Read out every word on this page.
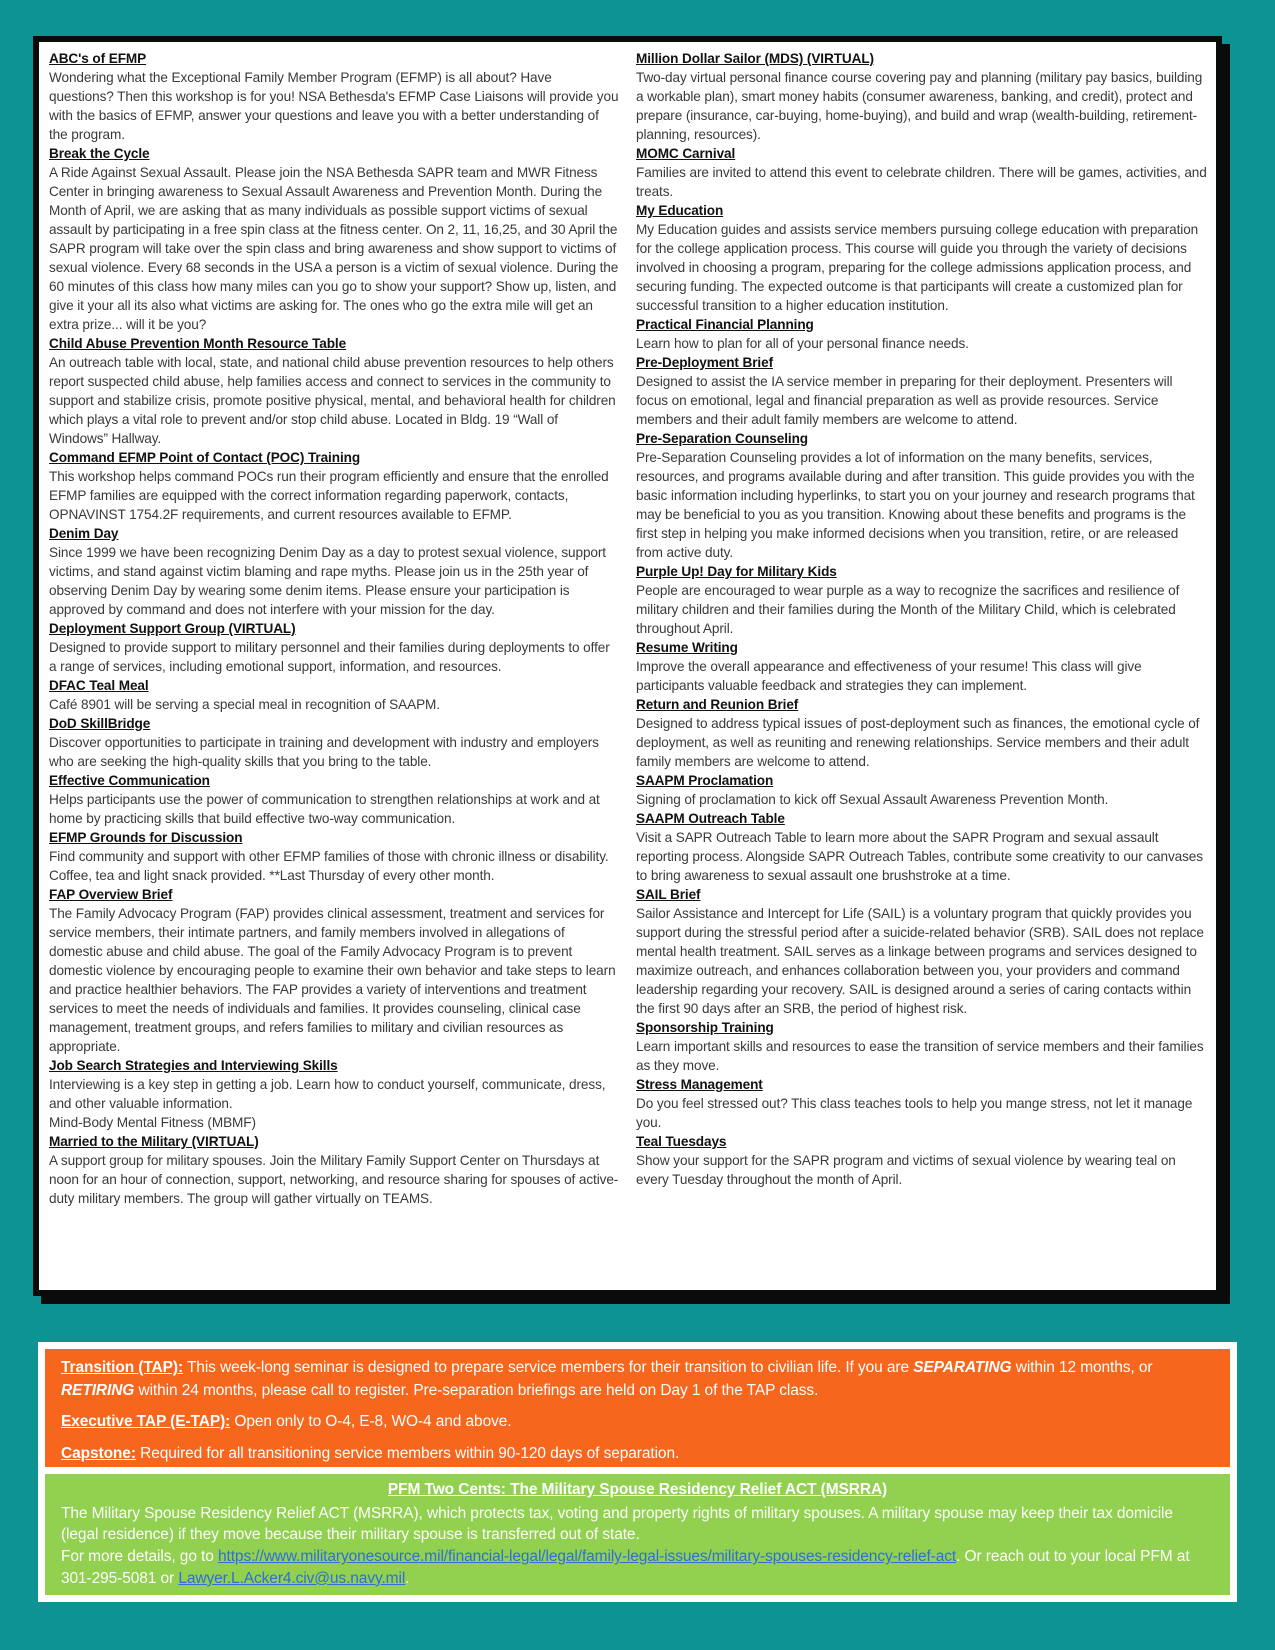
ABC's of EFMP
Wondering what the Exceptional Family Member Program (EFMP) is all about? Have questions? Then this workshop is for you! NSA Bethesda's EFMP Case Liaisons will provide you with the basics of EFMP, answer your questions and leave you with a better understanding of the program.
Break the Cycle
A Ride Against Sexual Assault. Please join the NSA Bethesda SAPR team and MWR Fitness Center in bringing awareness to Sexual Assault Awareness and Prevention Month. During the Month of April, we are asking that as many individuals as possible support victims of sexual assault by participating in a free spin class at the fitness center. On 2, 11, 16,25, and 30 April the SAPR program will take over the spin class and bring awareness and show support to victims of sexual violence. Every 68 seconds in the USA a person is a victim of sexual violence. During the 60 minutes of this class how many miles can you go to show your support? Show up, listen, and give it your all its also what victims are asking for. The ones who go the extra mile will get an extra prize... will it be you?
Child Abuse Prevention Month Resource Table
An outreach table with local, state, and national child abuse prevention resources to help others report suspected child abuse, help families access and connect to services in the community to support and stabilize crisis, promote positive physical, mental, and behavioral health for children which plays a vital role to prevent and/or stop child abuse. Located in Bldg. 19 “Wall of Windows” Hallway.
Command EFMP Point of Contact (POC) Training
This workshop helps command POCs run their program efficiently and ensure that the enrolled EFMP families are equipped with the correct information regarding paperwork, contacts, OPNAVINST 1754.2F requirements, and current resources available to EFMP.
Denim Day
Since 1999 we have been recognizing Denim Day as a day to protest sexual violence, support victims, and stand against victim blaming and rape myths. Please join us in the 25th year of observing Denim Day by wearing some denim items. Please ensure your participation is approved by command and does not interfere with your mission for the day.
Deployment Support Group (VIRTUAL)
Designed to provide support to military personnel and their families during deployments to offer a range of services, including emotional support, information, and resources.
DFAC Teal Meal
Café 8901 will be serving a special meal in recognition of SAAPM.
DoD SkillBridge
Discover opportunities to participate in training and development with industry and employers who are seeking the high-quality skills that you bring to the table.
Effective Communication
Helps participants use the power of communication to strengthen relationships at work and at home by practicing skills that build effective two-way communication.
EFMP Grounds for Discussion
Find community and support with other EFMP families of those with chronic illness or disability. Coffee, tea and light snack provided. **Last Thursday of every other month.
FAP Overview Brief
The Family Advocacy Program (FAP) provides clinical assessment, treatment and services for service members, their intimate partners, and family members involved in allegations of domestic abuse and child abuse. The goal of the Family Advocacy Program is to prevent domestic violence by encouraging people to examine their own behavior and take steps to learn and practice healthier behaviors. The FAP provides a variety of interventions and treatment services to meet the needs of individuals and families. It provides counseling, clinical case management, treatment groups, and refers families to military and civilian resources as appropriate.
Job Search Strategies and Interviewing Skills
Interviewing is a key step in getting a job. Learn how to conduct yourself, communicate, dress, and other valuable information.
Mind-Body Mental Fitness (MBMF)
Married to the Military (VIRTUAL)
A support group for military spouses. Join the Military Family Support Center on Thursdays at noon for an hour of connection, support, networking, and resource sharing for spouses of active-duty military members. The group will gather virtually on TEAMS.
Million Dollar Sailor (MDS) (VIRTUAL)
Two-day virtual personal finance course covering pay and planning (military pay basics, building a workable plan), smart money habits (consumer awareness, banking, and credit), protect and prepare (insurance, car-buying, home-buying), and build and wrap (wealth-building, retirement-planning, resources).
MOMC Carnival
Families are invited to attend this event to celebrate children. There will be games, activities, and treats.
My Education
My Education guides and assists service members pursuing college education with preparation for the college application process. This course will guide you through the variety of decisions involved in choosing a program, preparing for the college admissions application process, and securing funding. The expected outcome is that participants will create a customized plan for successful transition to a higher education institution.
Practical Financial Planning
Learn how to plan for all of your personal finance needs.
Pre-Deployment Brief
Designed to assist the IA service member in preparing for their deployment. Presenters will focus on emotional, legal and financial preparation as well as provide resources. Service members and their adult family members are welcome to attend.
Pre-Separation Counseling
Pre-Separation Counseling provides a lot of information on the many benefits, services, resources, and programs available during and after transition. This guide provides you with the basic information including hyperlinks, to start you on your journey and research programs that may be beneficial to you as you transition. Knowing about these benefits and programs is the first step in helping you make informed decisions when you transition, retire, or are released from active duty.
Purple Up! Day for Military Kids
People are encouraged to wear purple as a way to recognize the sacrifices and resilience of military children and their families during the Month of the Military Child, which is celebrated throughout April.
Resume Writing
Improve the overall appearance and effectiveness of your resume! This class will give participants valuable feedback and strategies they can implement.
Return and Reunion Brief
Designed to address typical issues of post-deployment such as finances, the emotional cycle of deployment, as well as reuniting and renewing relationships. Service members and their adult family members are welcome to attend.
SAAPM Proclamation
Signing of proclamation to kick off Sexual Assault Awareness Prevention Month.
SAAPM Outreach Table
Visit a SAPR Outreach Table to learn more about the SAPR Program and sexual assault reporting process. Alongside SAPR Outreach Tables, contribute some creativity to our canvases to bring awareness to sexual assault one brushstroke at a time.
SAIL Brief
Sailor Assistance and Intercept for Life (SAIL) is a voluntary program that quickly provides you support during the stressful period after a suicide-related behavior (SRB). SAIL does not replace mental health treatment. SAIL serves as a linkage between programs and services designed to maximize outreach, and enhances collaboration between you, your providers and command leadership regarding your recovery. SAIL is designed around a series of caring contacts within the first 90 days after an SRB, the period of highest risk.
Sponsorship Training
Learn important skills and resources to ease the transition of service members and their families as they move.
Stress Management
Do you feel stressed out? This class teaches tools to help you mange stress, not let it manage you.
Teal Tuesdays
Show your support for the SAPR program and victims of sexual violence by wearing teal on every Tuesday throughout the month of April.
Transition (TAP): This week-long seminar is designed to prepare service members for their transition to civilian life. If you are SEPARATING within 12 months, or RETIRING within 24 months, please call to register. Pre-separation briefings are held on Day 1 of the TAP class.
Executive TAP (E-TAP): Open only to O-4, E-8, WO-4 and above.
Capstone: Required for all transitioning service members within 90-120 days of separation.
PFM Two Cents: The Military Spouse Residency Relief ACT (MSRRA)
The Military Spouse Residency Relief ACT (MSRRA), which protects tax, voting and property rights of military spouses. A military spouse may keep their tax domicile (legal residence) if they move because their military spouse is transferred out of state.
For more details, go to https://www.militaryonesource.mil/financial-legal/legal/family-legal-issues/military-spouses-residency-relief-act. Or reach out to your local PFM at 301-295-5081 or Lawyer.L.Acker4.civ@us.navy.mil.
